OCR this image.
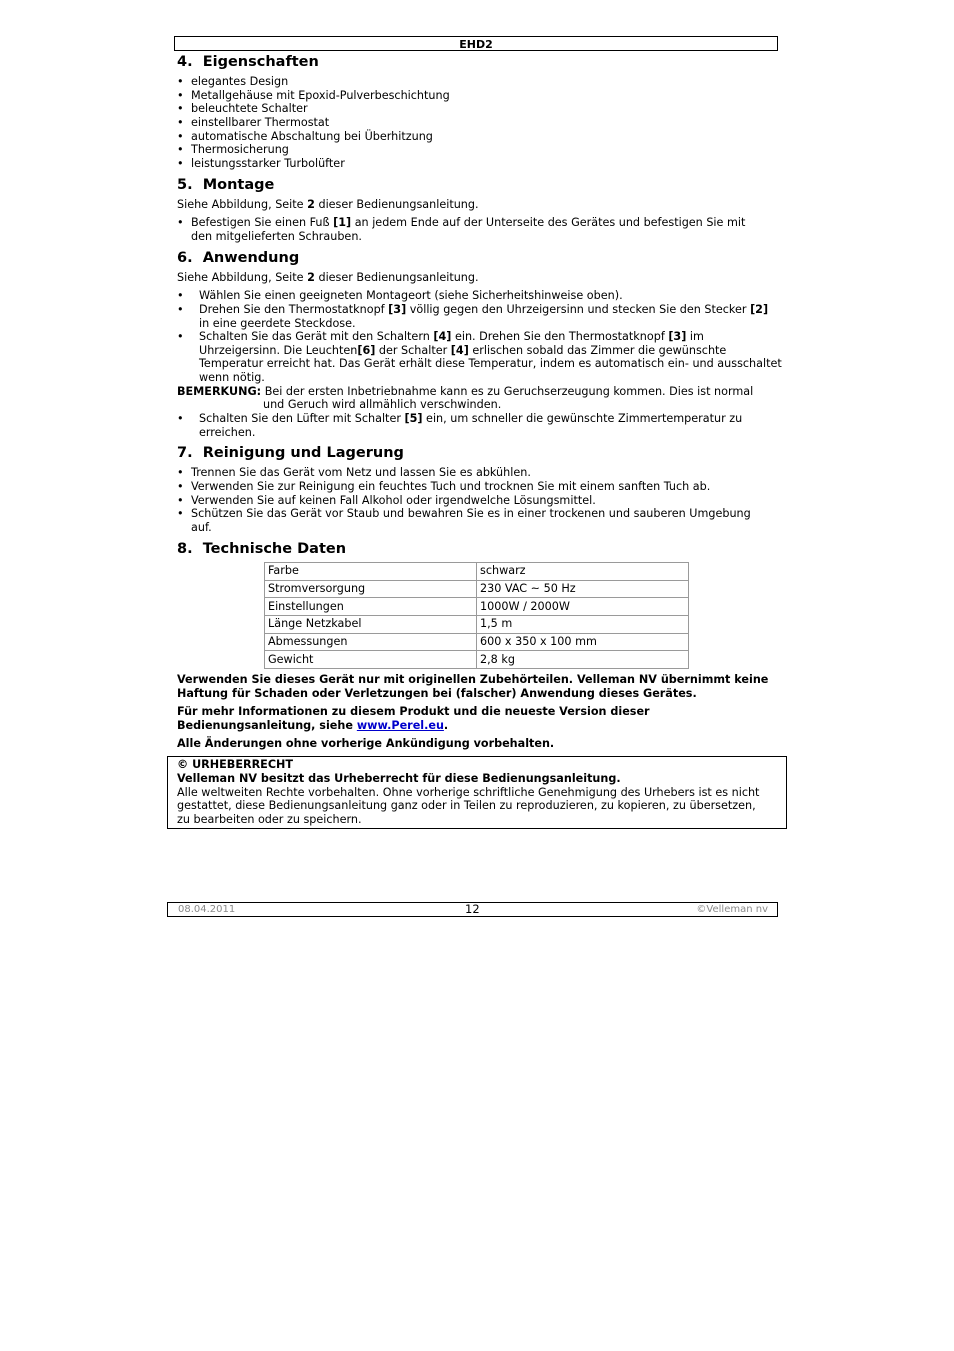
EHD2
4.  Eigenschaften
• elegantes Design
• Metallgehäuse mit Epoxid-Pulverbeschichtung
• beleuchtete Schalter
• einstellbarer Thermostat
• automatische Abschaltung bei Überhitzung
• Thermosicherung
• leistungsstarker Turbolüfter
5.  Montage
Siehe Abbildung, Seite 2 dieser Bedienungsanleitung.
• Befestigen Sie einen Fuß [1] an jedem Ende auf der Unterseite des Gerätes und befestigen Sie mit
den mitgelieferten Schrauben.
6.  Anwendung
Siehe Abbildung, Seite 2 dieser Bedienungsanleitung.
• Wählen Sie einen geeigneten Montageort (siehe Sicherheitshinweise oben).
• Drehen Sie den Thermostatknopf [3] völlig gegen den Uhrzeigersinn und stecken Sie den Stecker [2]
in eine geerdete Steckdose.
• Schalten Sie das Gerät mit den Schaltern [4] ein. Drehen Sie den Thermostatknopf [3] im
Uhrzeigersinn. Die Leuchten[6] der Schalter [4] erlischen sobald das Zimmer die gewünschte
Temperatur erreicht hat. Das Gerät erhält diese Temperatur, indem es automatisch ein- und ausschaltet
wenn nötig.
BEMERKUNG: Bei der ersten Inbetriebnahme kann es zu Geruchserzeugung kommen. Dies ist normal
und Geruch wird allmählich verschwinden.
• Schalten Sie den Lüfter mit Schalter [5] ein, um schneller die gewünschte Zimmertemperatur zu
erreichen.
7.  Reinigung und Lagerung
• Trennen Sie das Gerät vom Netz und lassen Sie es abkühlen.
• Verwenden Sie zur Reinigung ein feuchtes Tuch und trocknen Sie mit einem sanften Tuch ab.
• Verwenden Sie auf keinen Fall Alkohol oder irgendwelche Lösungsmittel.
• Schützen Sie das Gerät vor Staub und bewahren Sie es in einer trockenen und sauberen Umgebung
auf.
8.  Technische Daten
Farbe	schwarz
Stromversorgung	230 VAC ~ 50 Hz
Einstellungen	1000W / 2000W
Länge Netzkabel	1,5 m
Abmessungen	600 x 350 x 100 mm
Gewicht	2,8 kg
Verwenden Sie dieses Gerät nur mit originellen Zubehörteilen. Velleman NV übernimmt keine
Haftung für Schaden oder Verletzungen bei (falscher) Anwendung dieses Gerätes.
Für mehr Informationen zu diesem Produkt und die neueste Version dieser
Bedienungsanleitung, siehe www.Perel.eu.
Alle Änderungen ohne vorherige Ankündigung vorbehalten.
© URHEBERRECHT
Velleman NV besitzt das Urheberrecht für diese Bedienungsanleitung.
Alle weltweiten Rechte vorbehalten. Ohne vorherige schriftliche Genehmigung des Urhebers ist es nicht
gestattet, diese Bedienungsanleitung ganz oder in Teilen zu reproduzieren, zu kopieren, zu übersetzen,
zu bearbeiten oder zu speichern.
08.04.2011	12	©Velleman nv
